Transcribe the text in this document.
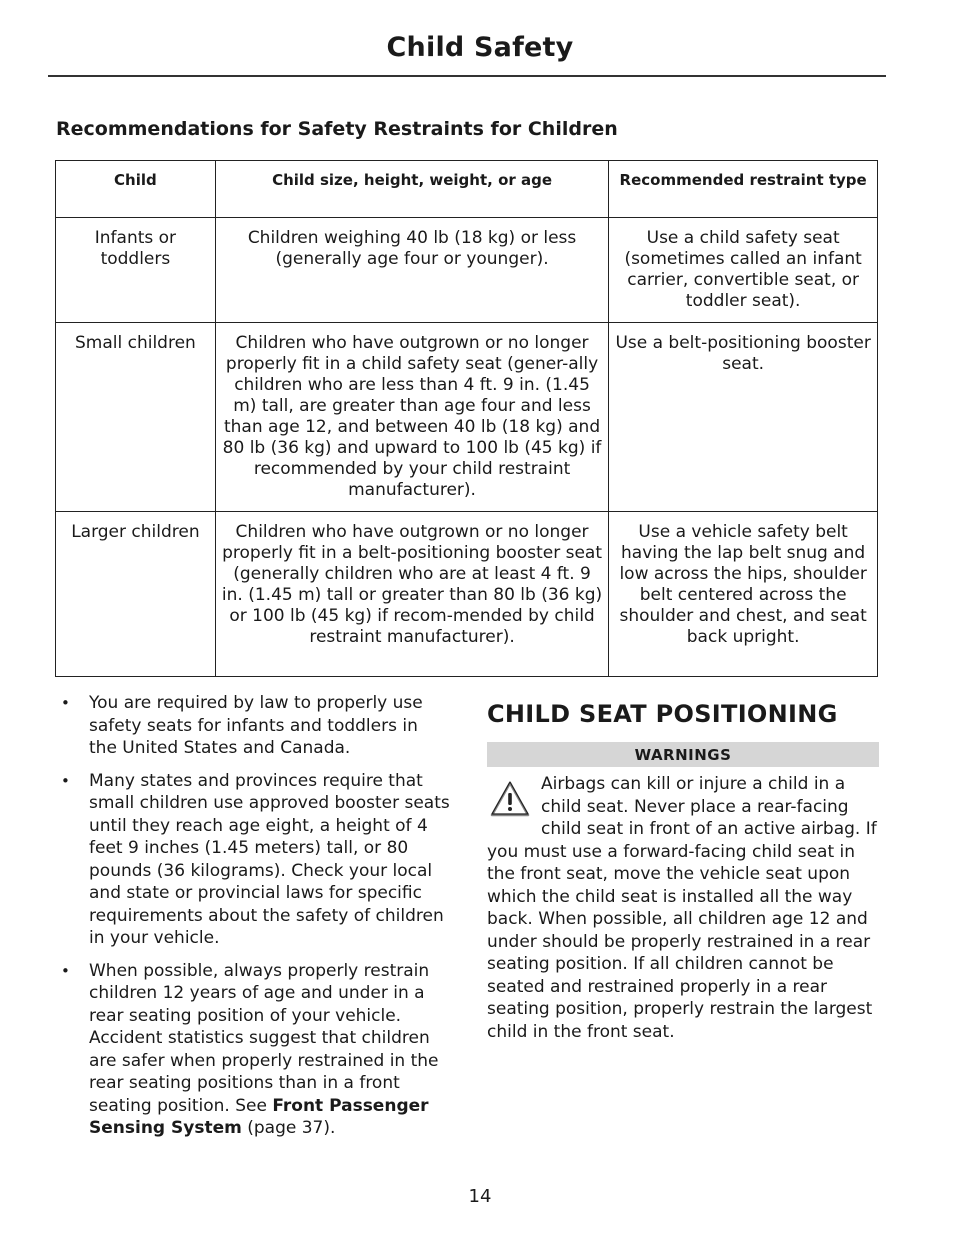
Child Safety
Recommendations for Safety Restraints for Children
Child	Child size, height, weight, or age	Recommended restraint type
Infants or toddlers	Children weighing 40 lb (18 kg) or less (generally age four or younger).	Use a child safety seat (sometimes called an infant carrier, convertible seat, or toddler seat).
Small children	Children who have outgrown or no longer properly fit in a child safety seat (gener-ally children who are less than 4 ft. 9 in. (1.45 m) tall, are greater than age four and less than age 12, and between 40 lb (18 kg) and 80 lb (36 kg) and upward to 100 lb (45 kg) if recommended by your child restraint manufacturer).	Use a belt-positioning booster seat.
Larger children	Children who have outgrown or no longer properly fit in a belt-positioning booster seat (generally children who are at least 4 ft. 9 in. (1.45 m) tall or greater than 80 lb (36 kg) or 100 lb (45 kg) if recom-mended by child restraint manufacturer).	Use a vehicle safety belt having the lap belt snug and low across the hips, shoulder belt centered across the shoulder and chest, and seat back upright.
• You are required by law to properly use safety seats for infants and toddlers in the United States and Canada.
• Many states and provinces require that small children use approved booster seats until they reach age eight, a height of 4 feet 9 inches (1.45 meters) tall, or 80 pounds (36 kilograms). Check your local and state or provincial laws for specific requirements about the safety of children in your vehicle.
• When possible, always properly restrain children 12 years of age and under in a rear seating position of your vehicle. Accident statistics suggest that children are safer when properly restrained in the rear seating positions than in a front seating position. See Front Passenger Sensing System (page 37).
CHILD SEAT POSITIONING
WARNINGS
Airbags can kill or injure a child in a child seat. Never place a rear-facing child seat in front of an active airbag. If you must use a forward-facing child seat in the front seat, move the vehicle seat upon which the child seat is installed all the way back. When possible, all children age 12 and under should be properly restrained in a rear seating position. If all children cannot be seated and restrained properly in a rear seating position, properly restrain the largest child in the front seat.
14
